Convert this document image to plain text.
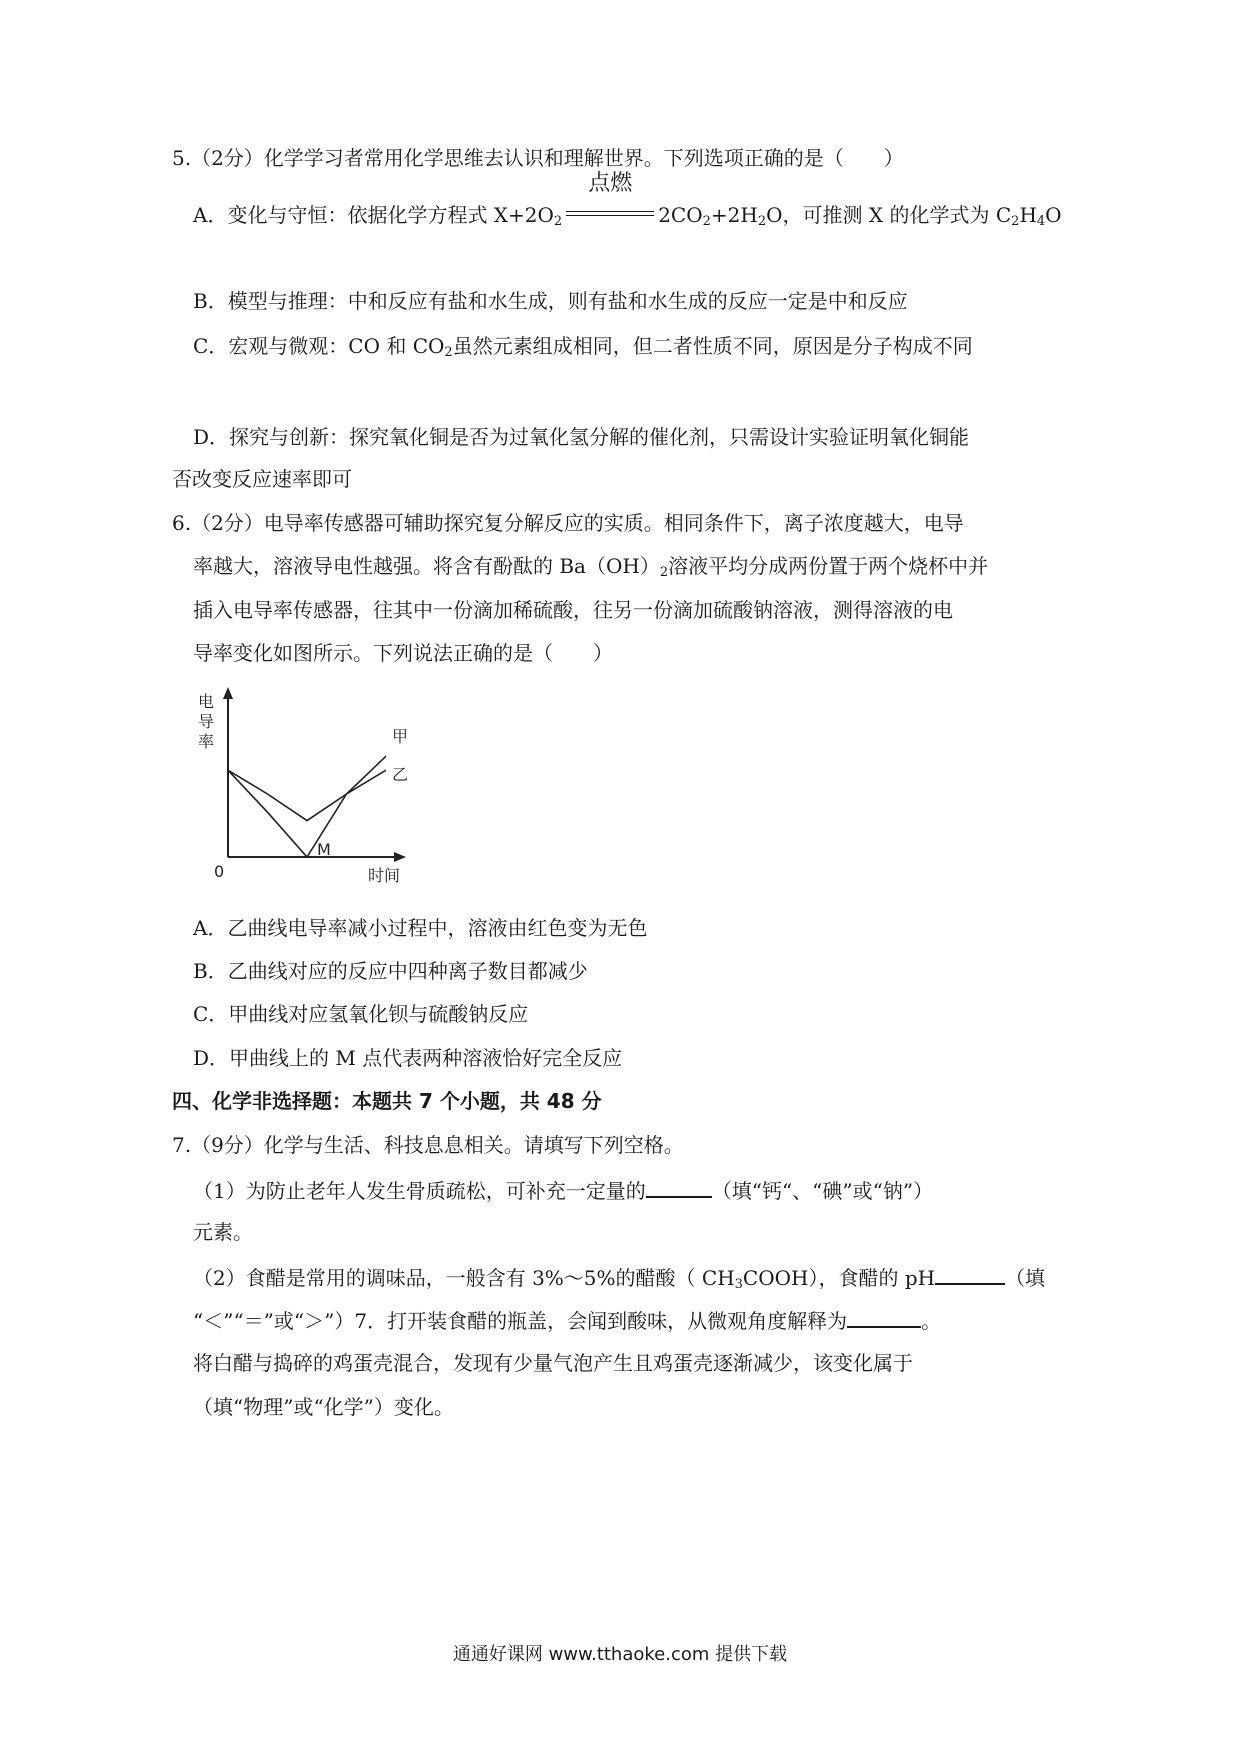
5.（2分）化学学习者常用化学思维去认识和理解世界。下列选项正确的是（　　）
A．变化与守恒：依据化学方程式 $X+2O_2$
点燃
$2CO_2+2H_2O$，可推测 X 的化学式为 $C_2H_4O$
B．模型与推理：中和反应有盐和水生成，则有盐和水生成的反应一定是中和反应
C．宏观与微观：CO 和 $CO_2$虽然元素组成相同，但二者性质不同，原因是分子构成不同
D．探究与创新：探究氧化铜是否为过氧化氢分解的催化剂，只需设计实验证明氧化铜能
否改变反应速率即可
6.（2分）电导率传感器可辅助探究复分解反应的实质。相同条件下，离子浓度越大，电导
率越大，溶液导电性越强。将含有酚酞的 $Ba(OH)_2$溶液平均分成两份置于两个烧杯中并
插入电导率传感器，往其中一份滴加稀硫酸，往另一份滴加硫酸钠溶液，测得溶液的电
导率变化如图所示。下列说法正确的是（　　）
甲
乙
电
导
率
时间
0
M
A．乙曲线电导率减小过程中，溶液由红色变为无色
B．乙曲线对应的反应中四种离子数目都减少
C．甲曲线对应氢氧化钡与硫酸钠反应
D．甲曲线上的 M 点代表两种溶液恰好完全反应
四、化学非选择题：本题共 7 个小题，共 48 分
7.（9分）化学与生活、科技息息相关。请填写下列空格。
（1）为防止老年人发生骨质疏松，可补充一定量的	（填“钙“、“碘”或“钠”）
元素。
（2）食醋是常用的调味品，一般含有 3%～5%的醋酸（ $CH_3COOH$），食醋的 pH	（填
“＜”“＝”或“＞”）7．打开装食醋的瓶盖，会闻到酸味，从微观角度解释为	。
将白醋与捣碎的鸡蛋壳混合，发现有少量气泡产生且鸡蛋壳逐渐减少，该变化属于
（填“物理”或“化学”）变化。
通通好课网 www.tthaoke.com 提供下载
